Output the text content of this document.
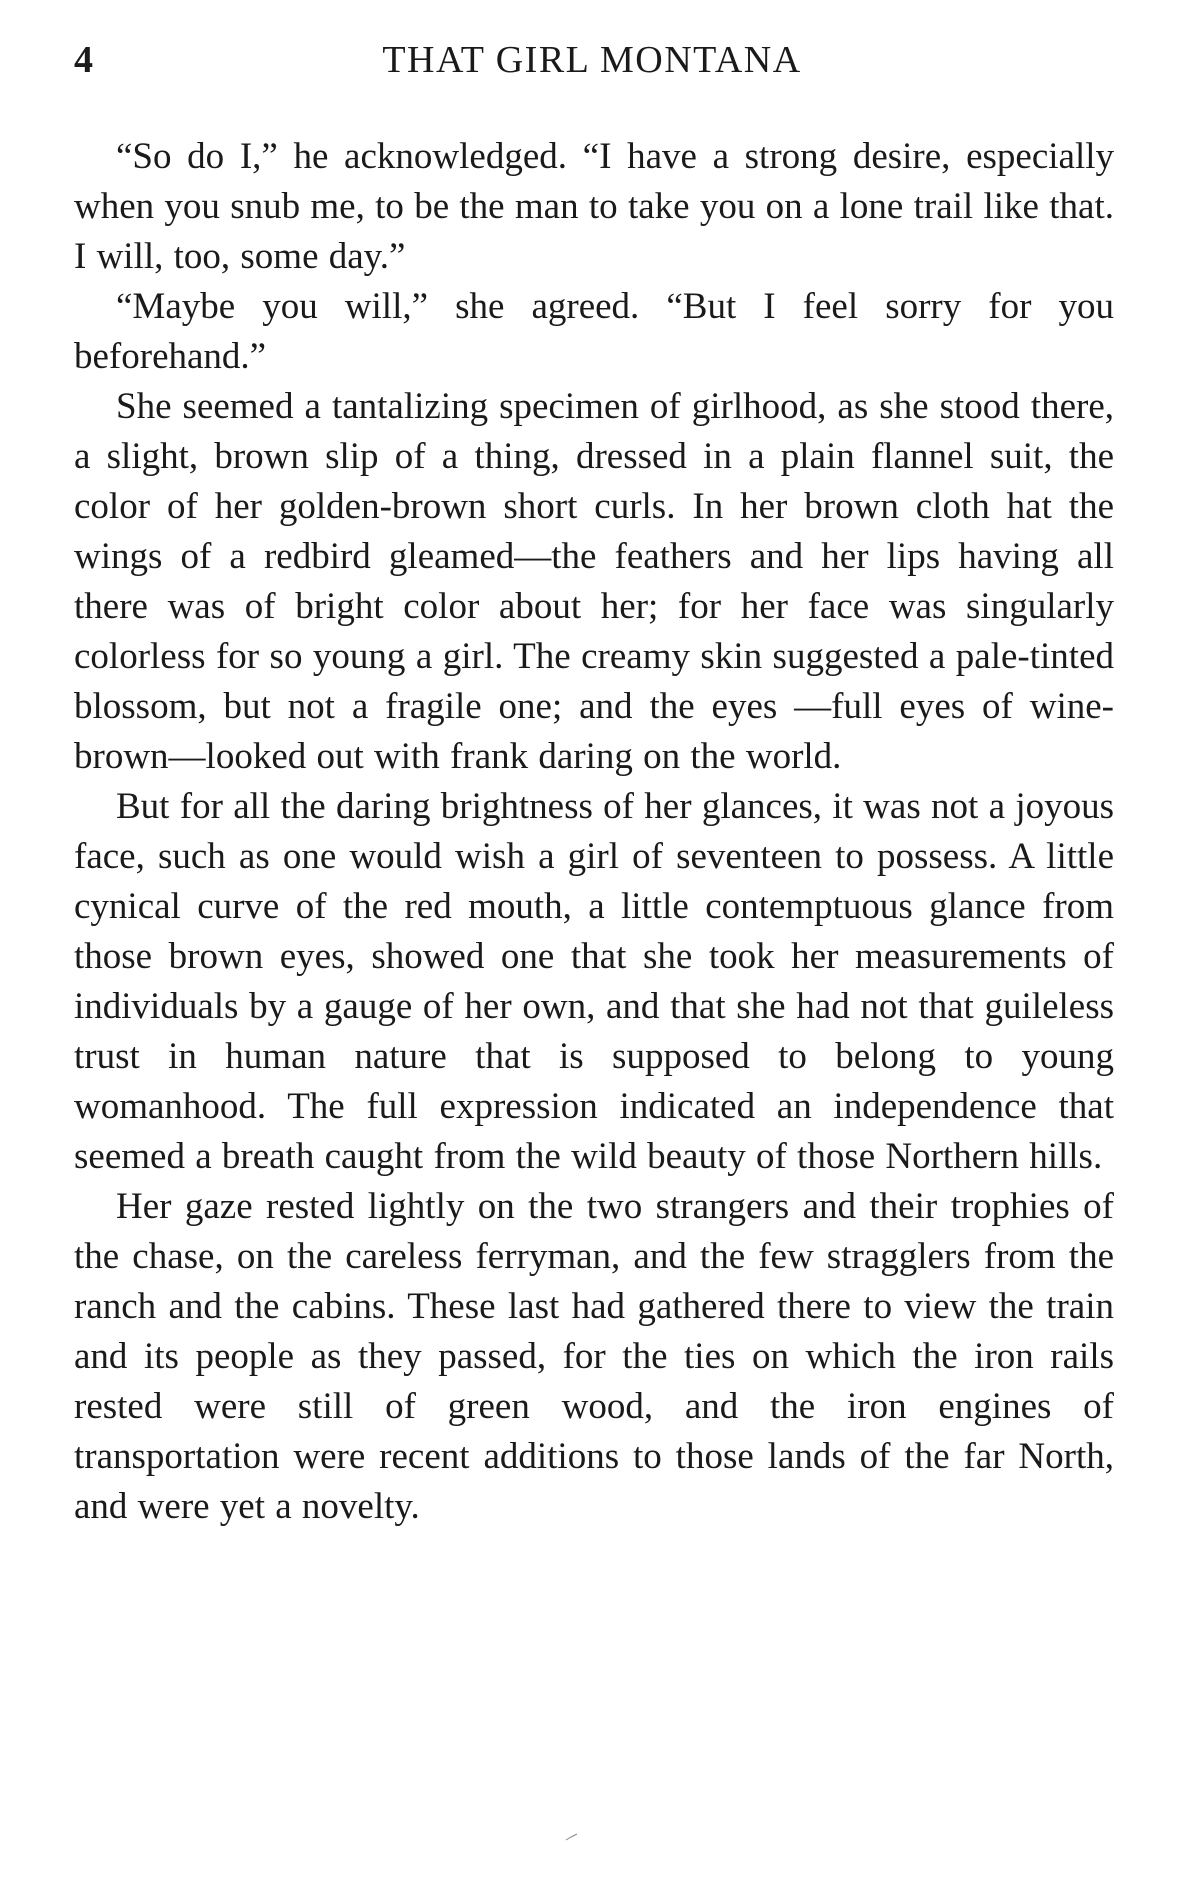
4	THAT GIRL MONTANA

“So do I,” he acknowledged. “I have a strong desire, especially when you snub me, to be the man to take you on a lone trail like that. I will, too, some day.”

“Maybe you will,” she agreed. “But I feel sorry for you beforehand.”

She seemed a tantalizing specimen of girlhood, as she stood there, a slight, brown slip of a thing, dressed in a plain flannel suit, the color of her golden-brown short curls. In her brown cloth hat the wings of a redbird gleamed—the feathers and her lips having all there was of bright color about her; for her face was singularly colorless for so young a girl. The creamy skin suggested a pale-tinted blossom, but not a fragile one; and the eyes —full eyes of wine-brown—looked out with frank daring on the world.

But for all the daring brightness of her glances, it was not a joyous face, such as one would wish a girl of seventeen to possess. A little cynical curve of the red mouth, a little contemptuous glance from those brown eyes, showed one that she took her measurements of individuals by a gauge of her own, and that she had not that guileless trust in human nature that is supposed to belong to young womanhood. The full expression indicated an independence that seemed a breath caught from the wild beauty of those Northern hills.

Her gaze rested lightly on the two strangers and their trophies of the chase, on the careless ferryman, and the few stragglers from the ranch and the cabins. These last had gathered there to view the train and its people as they passed, for the ties on which the iron rails rested were still of green wood, and the iron engines of transportation were recent additions to those lands of the far North, and were yet a novelty.
